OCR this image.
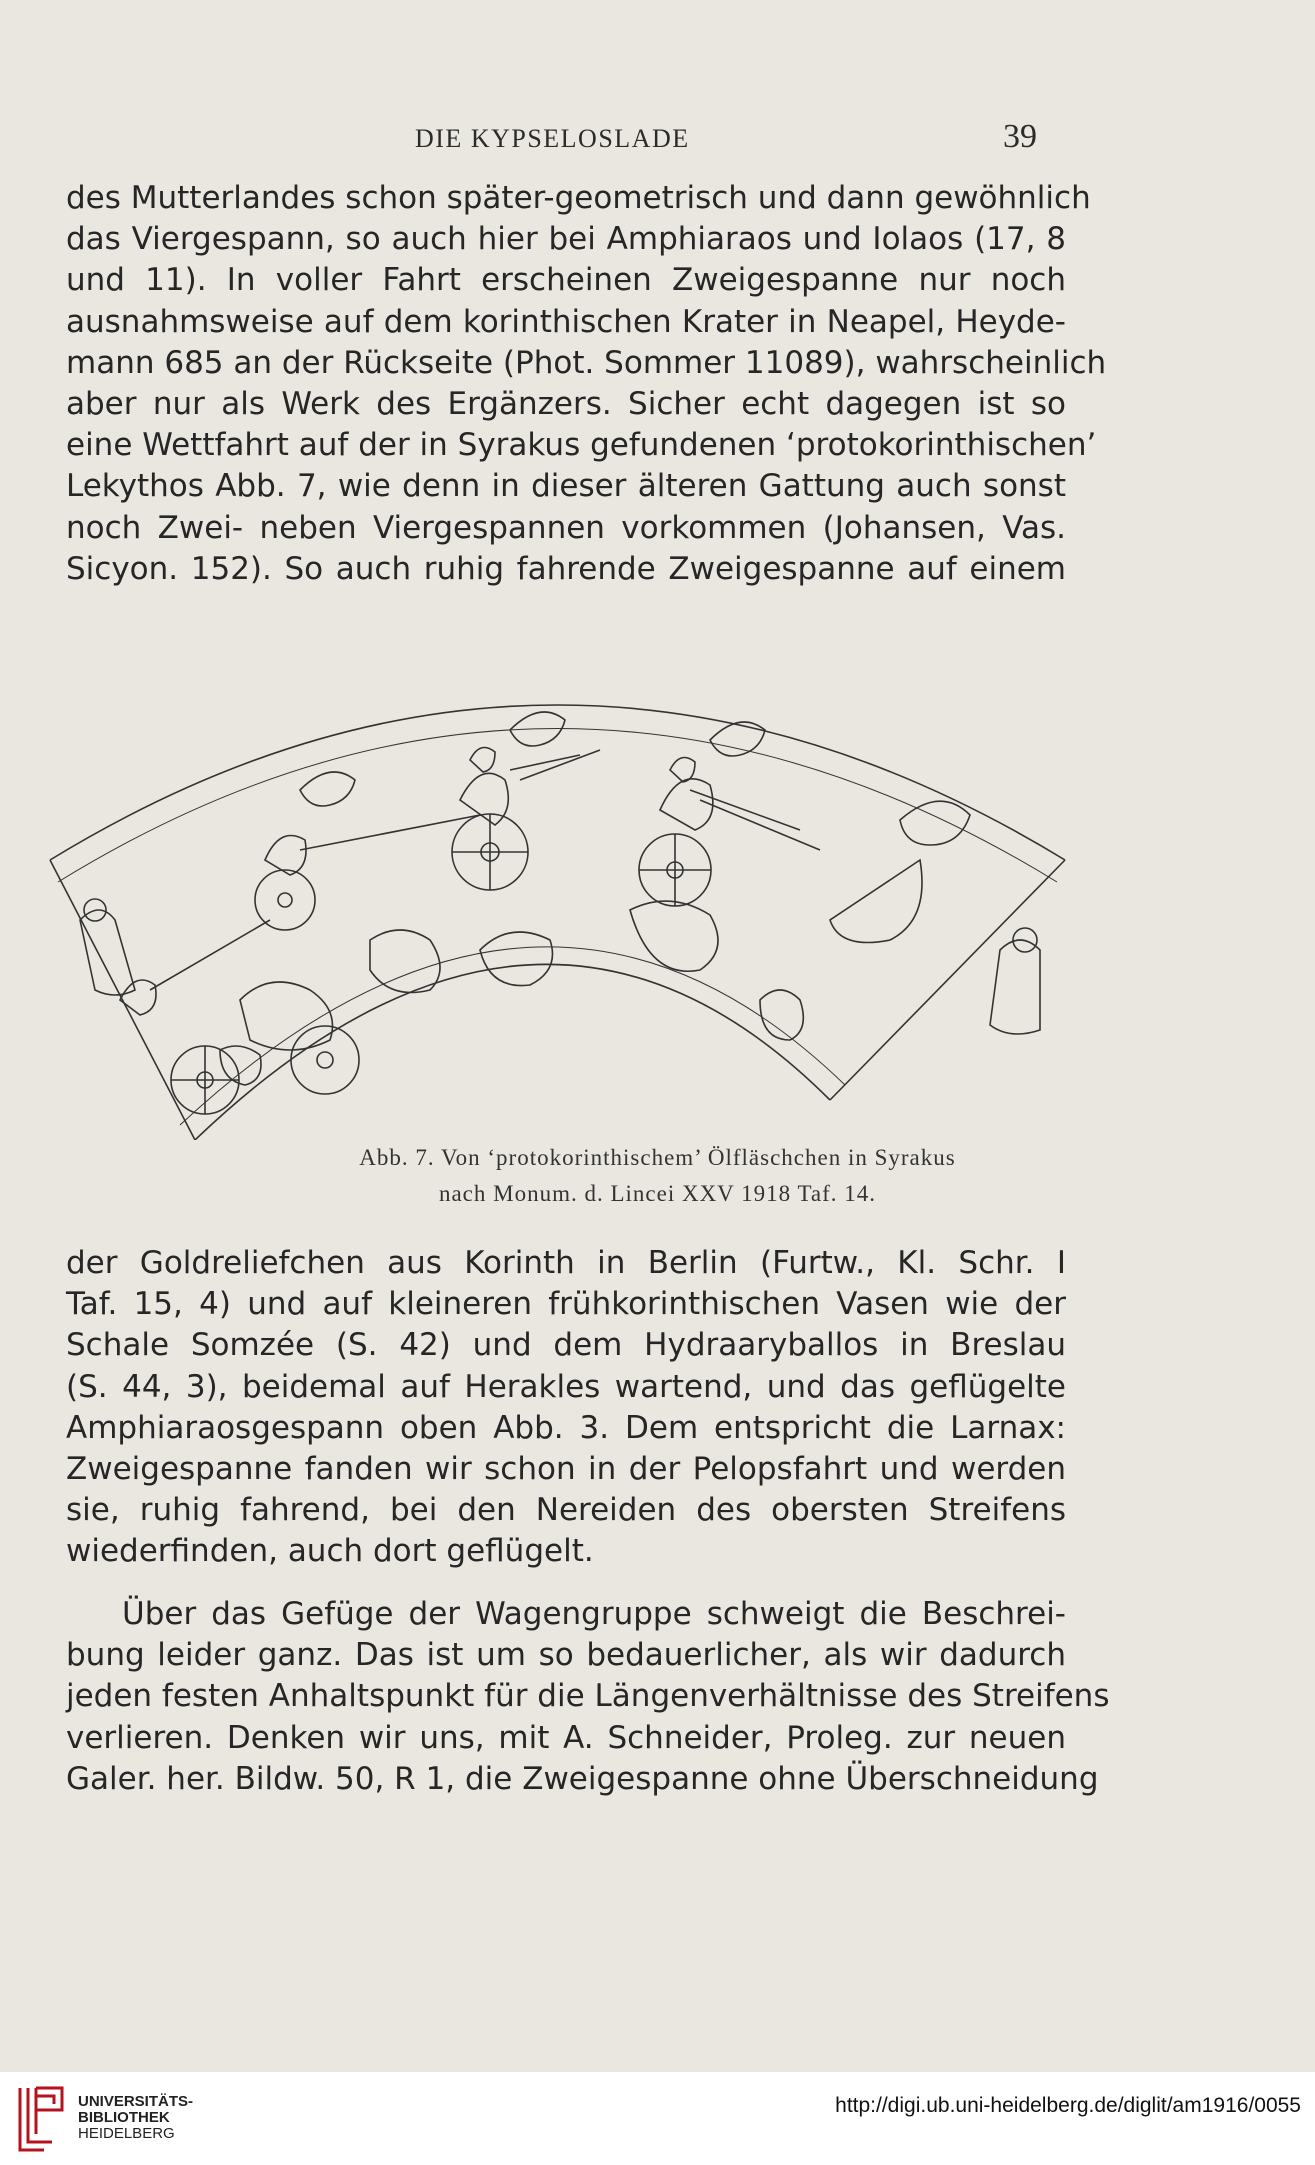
DIE KYPSELOSLADE	39
des Mutterlandes schon später-geometrisch und dann gewöhnlich
das Viergespann, so auch hier bei Amphiaraos und Iolaos (17, 8
und 11). In voller Fahrt erscheinen Zweigespanne nur noch
ausnahmsweise auf dem korinthischen Krater in Neapel, Heyde-
mann 685 an der Rückseite (Phot. Sommer 11089), wahrscheinlich
aber nur als Werk des Ergänzers. Sicher echt dagegen ist so
eine Wettfahrt auf der in Syrakus gefundenen ‘protokorinthischen’
Lekythos Abb. 7, wie denn in dieser älteren Gattung auch sonst
noch Zwei- neben Viergespannen vorkommen (Johansen, Vas.
Sicyon. 152). So auch ruhig fahrende Zweigespanne auf einem
Abb. 7. Von ‘protokorinthischem’ Ölfläschchen in Syrakus
nach Monum. d. Lincei XXV 1918 Taf. 14.
der Goldreliefchen aus Korinth in Berlin (Furtw., Kl. Schr. I
Taf. 15, 4) und auf kleineren frühkorinthischen Vasen wie der
Schale Somzée (S. 42) und dem Hydraaryballos in Breslau
(S. 44, 3), beidemal auf Herakles wartend, und das geflügelte
Amphiaraosgespann oben Abb. 3. Dem entspricht die Larnax:
Zweigespanne fanden wir schon in der Pelopsfahrt und werden
sie, ruhig fahrend, bei den Nereiden des obersten Streifens
wiederfinden, auch dort geflügelt.
Über das Gefüge der Wagengruppe schweigt die Beschrei-
bung leider ganz. Das ist um so bedauerlicher, als wir dadurch
jeden festen Anhaltspunkt für die Längenverhältnisse des Streifens
verlieren. Denken wir uns, mit A. Schneider, Proleg. zur neuen
Galer. her. Bildw. 50, R 1, die Zweigespanne ohne Überschneidung
UNIVERSITÄTS-
BIBLIOTHEK
HEIDELBERG
http://digi.ub.uni-heidelberg.de/diglit/am1916/0055
